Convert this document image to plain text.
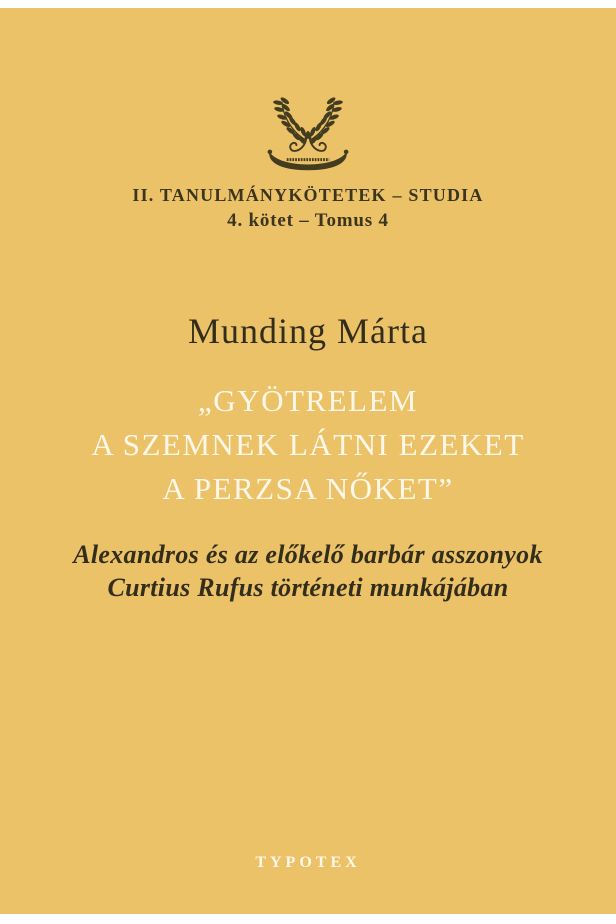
II. TANULMÁNYKÖTETEK – STUDIA
4. kötet – Tomus 4
Munding Márta
„GYÖTRELEM
A SZEMNEK LÁTNI EZEKET
A PERZSA NŐKET”
Alexandros és az előkelő barbár asszonyok
Curtius Rufus történeti munkájában
TYPOTEX
